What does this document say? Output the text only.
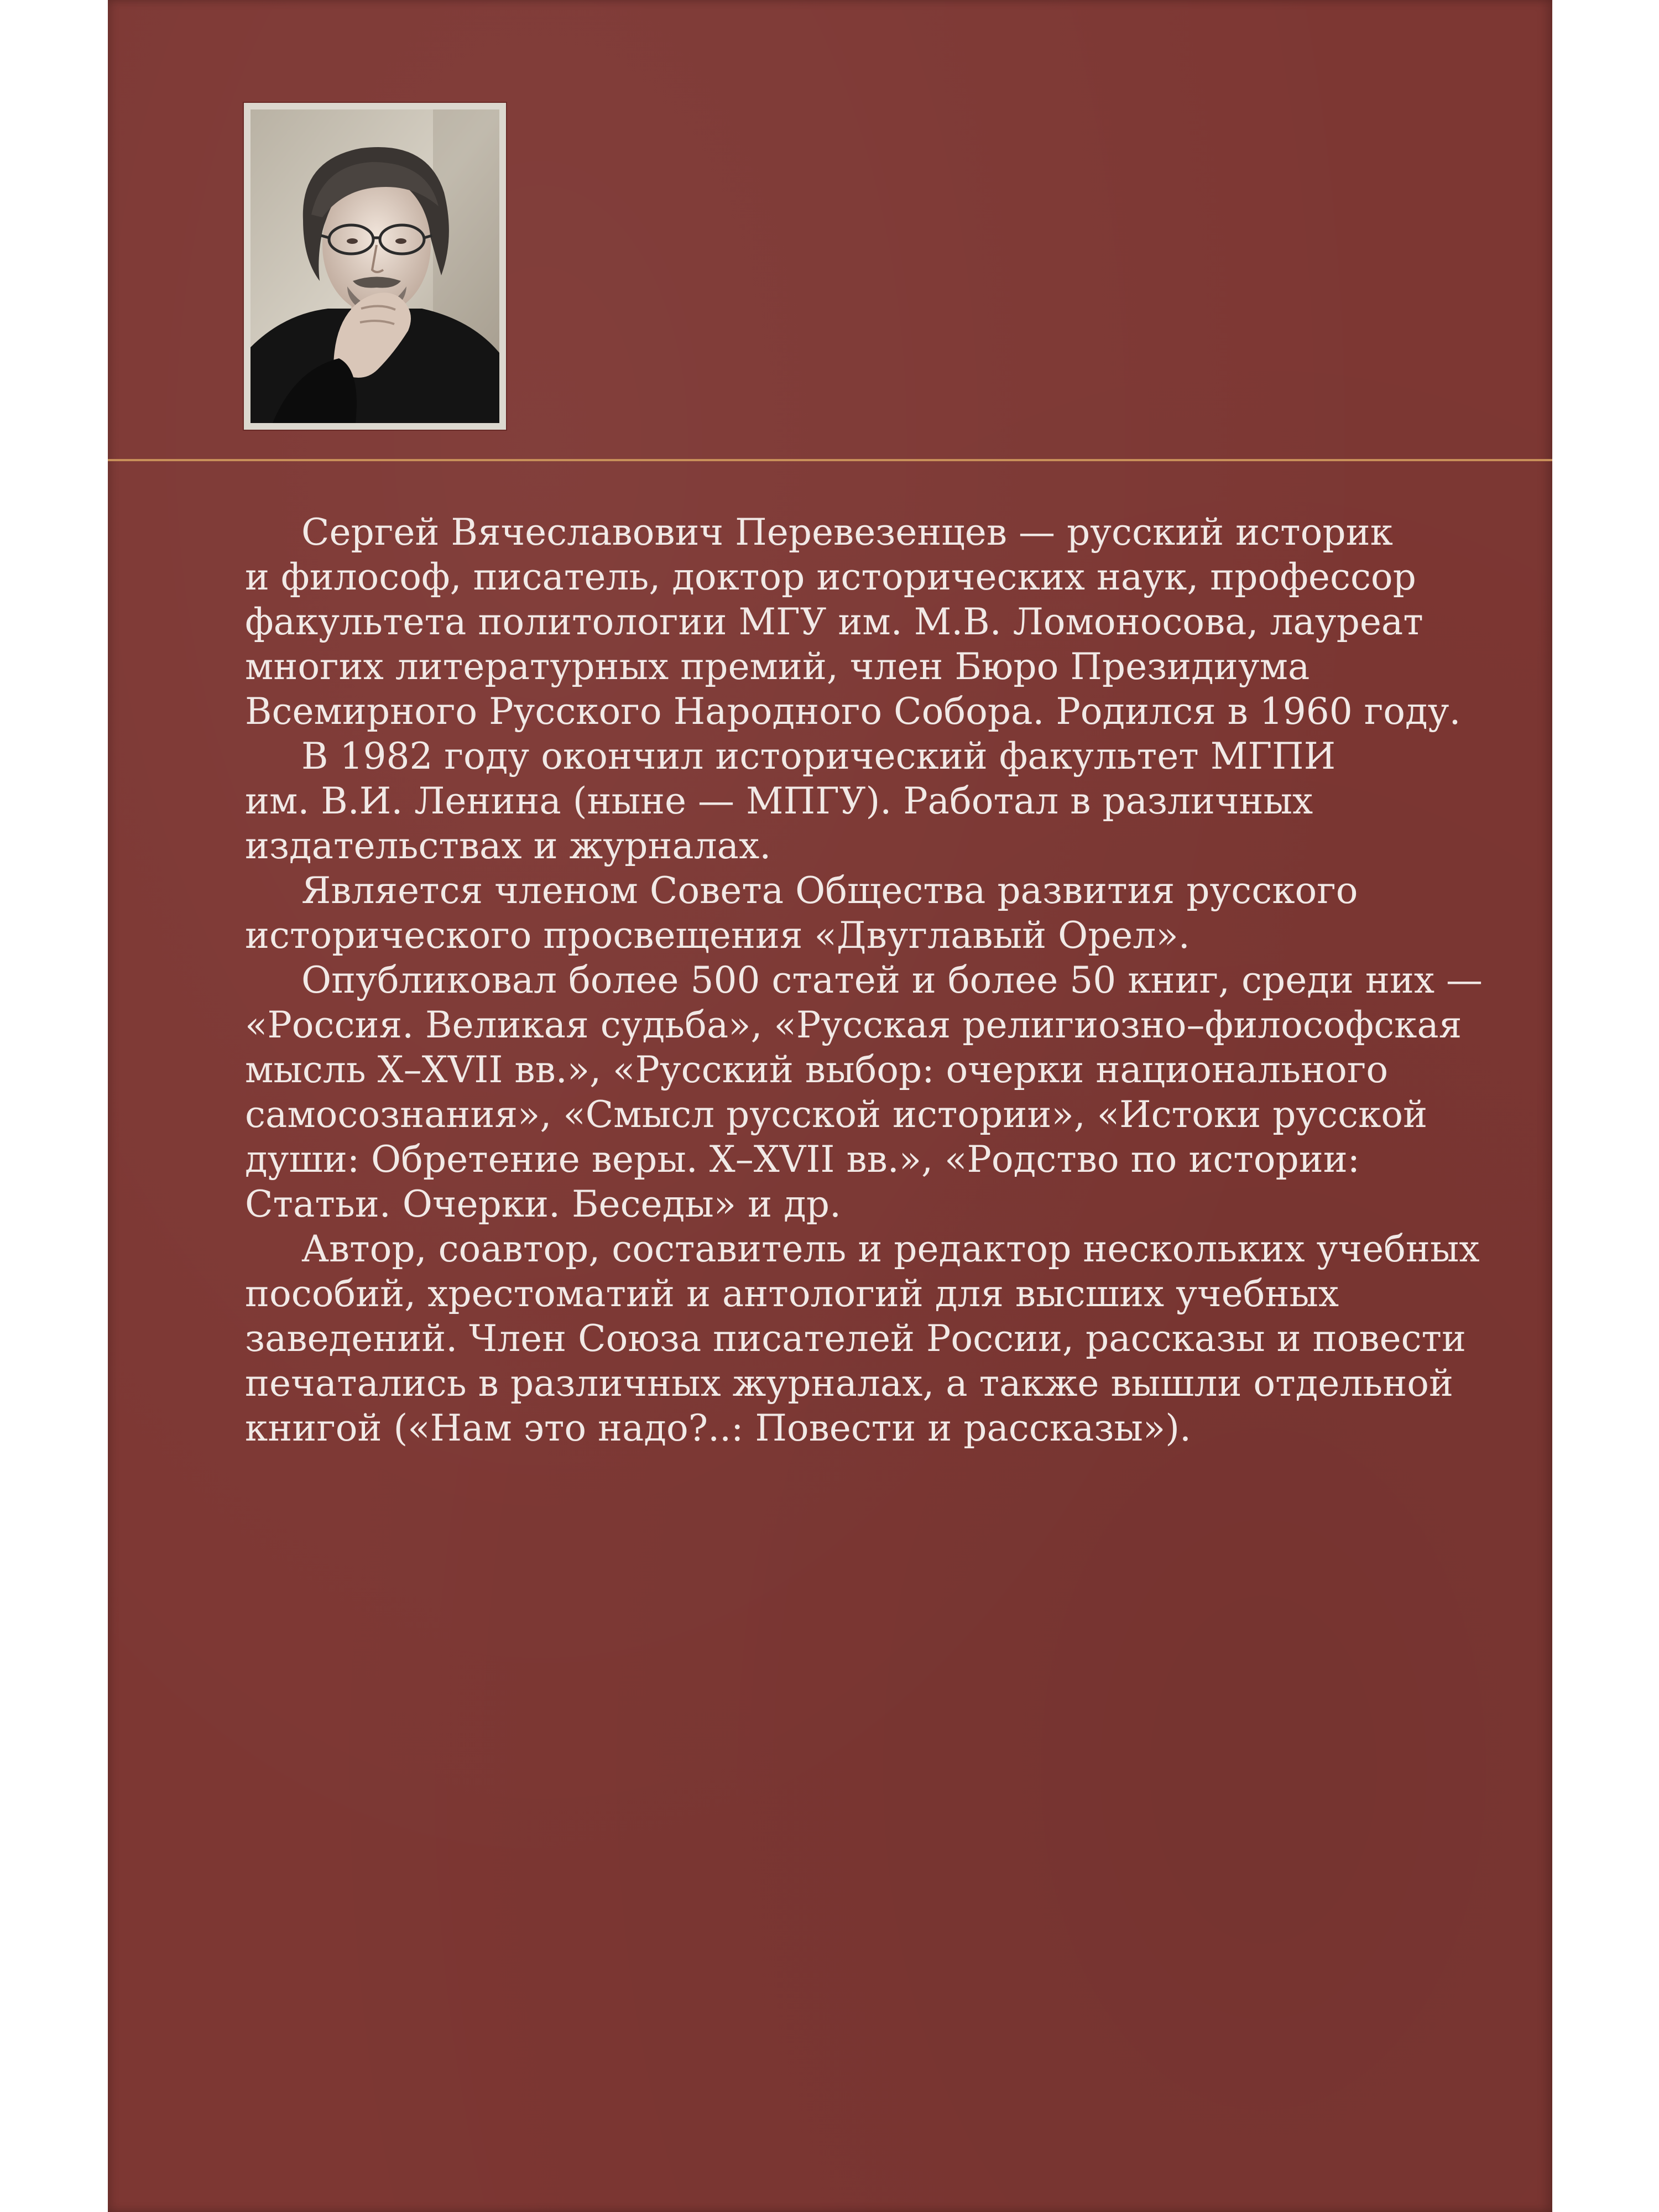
Сергей Вячеславович Перевезенцев — русский историк
и философ, писатель, доктор исторических наук, профессор
факультета политологии МГУ им. М.В. Ломоносова, лауреат
многих литературных премий, член Бюро Президиума
Всемирного Русского Народного Собора. Родился в 1960 году.
В 1982 году окончил исторический факультет МГПИ
им. В.И. Ленина (ныне — МПГУ). Работал в различных
издательствах и журналах.
Является членом Совета Общества развития русского
исторического просвещения «Двуглавый Орел».
Опубликовал более 500 статей и более 50 книг, среди них —
«Россия. Великая судьба», «Русская религиозно–философская
мысль X–XVII вв.», «Русский выбор: очерки национального
самосознания», «Смысл русской истории», «Истоки русской
души: Обретение веры. X–XVII вв.», «Родство по истории:
Статьи. Очерки. Беседы» и др.
Автор, соавтор, составитель и редактор нескольких учебных
пособий, хрестоматий и антологий для высших учебных
заведений. Член Союза писателей России, рассказы и повести
печатались в различных журналах, а также вышли отдельной
книгой («Нам это надо?..: Повести и рассказы»).
